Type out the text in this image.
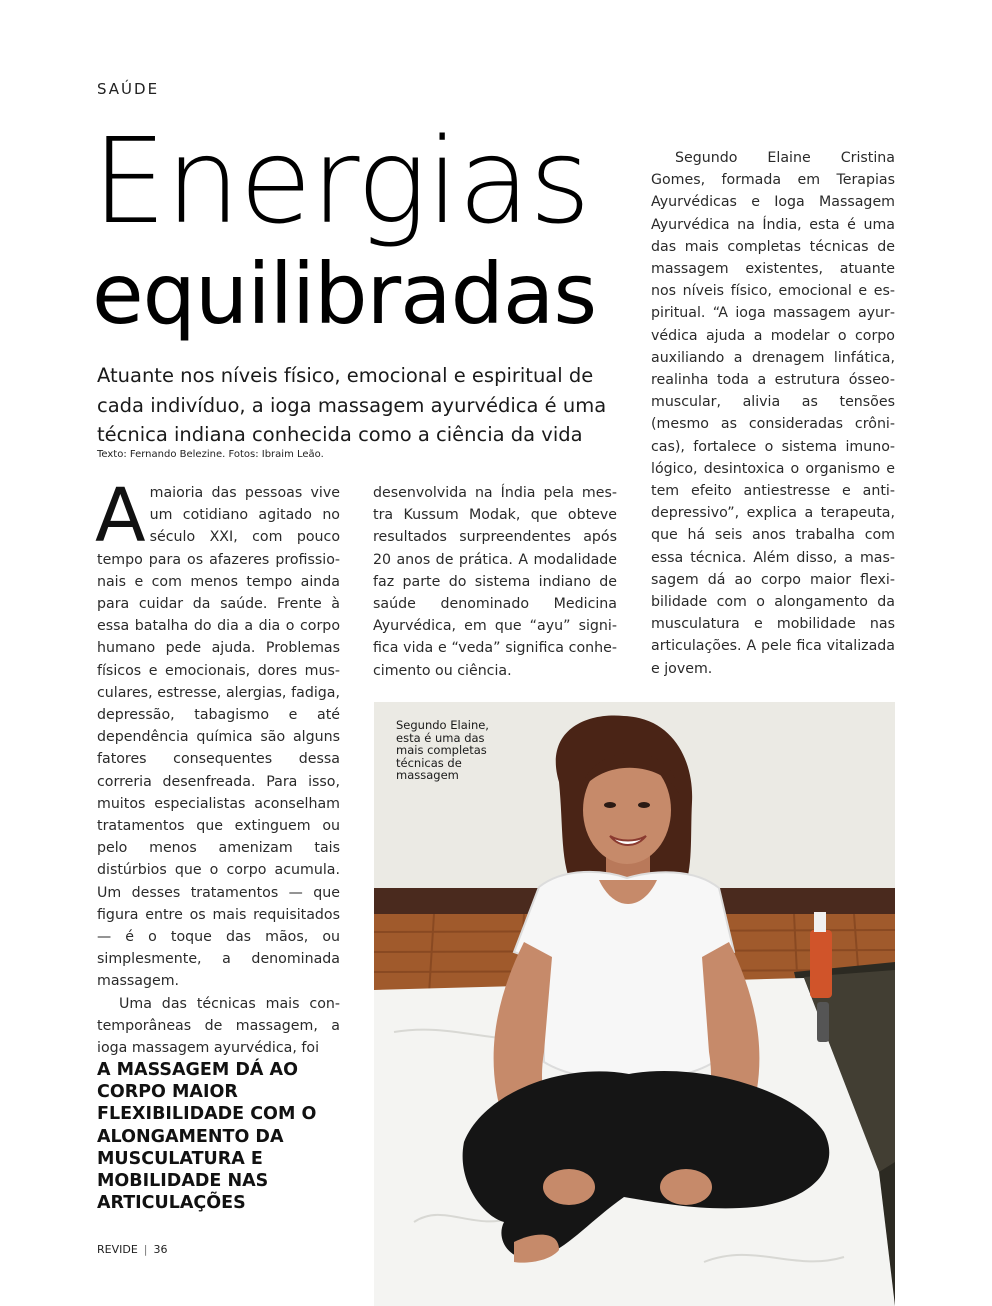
SAÚDE
Energias
equilibradas
Atuante nos níveis físico, emocional e espiritual de cada indivíduo, a ioga massagem ayurvédica é uma técnica indiana conhecida como a ciência da vida
Texto: Fernando Belezine. Fotos: Ibraim Leão.

Amaioria das pessoas vive um cotidiano agitado no século XXI, com pouco tempo para os afazeres profissionais e com menos tempo ainda para cuidar da saúde. Frente à essa batalha do dia a dia o corpo humano pede ajuda. Problemas físicos e emocionais, dores musculares, estresse, alergias, fadiga, depressão, tabagismo e até dependência química são alguns fatores consequentes dessa correria desenfreada. Para isso, muitos especialistas aconselham tratamentos que extinguem ou pelo menos amenizam tais distúrbios que o corpo acumula. Um desses tratamentos — que figura entre os mais requisitados — é o toque das mãos, ou simplesmente, a denominada massagem.

Uma das técnicas mais contemporâneas de massagem, a ioga massagem ayurvédica, foi

desenvolvida na Índia pela mestra Kussum Modak, que obteve resultados surpreendentes após 20 anos de prática. A modalidade faz parte do sistema indiano de saúde denominado Medicina Ayurvédica, em que “ayu” significa vida e “veda” significa conhecimento ou ciência.

Segundo Elaine Cristina Gomes, formada em Terapias Ayurvédicas e Ioga Massagem Ayurvédica na Índia, esta é uma das mais completas técnicas de massagem existentes, atuante nos níveis físico, emocional e espiritual. “A ioga massagem ayurvédica ajuda a modelar o corpo auxiliando a drenagem linfática, realinha toda a estrutura ósseo-muscular, alivia as tensões (mesmo as consideradas crônicas), fortalece o sistema imunológico, desintoxica o organismo e tem efeito antiestresse e antidepressivo”, explica a terapeuta, que há seis anos trabalha com essa técnica. Além disso, a massagem dá ao corpo maior flexibilidade com o alongamento da musculatura e mobilidade nas articulações. A pele fica vitalizada e jovem.

A MASSAGEM DÁ AO CORPO MAIOR FLEXIBILIDADE COM O ALONGAMENTO DA MUSCULATURA E MOBILIDADE NAS ARTICULAÇÕES
REVIDE | 36
Segundo Elaine, esta é uma das mais completas técnicas de massagem
